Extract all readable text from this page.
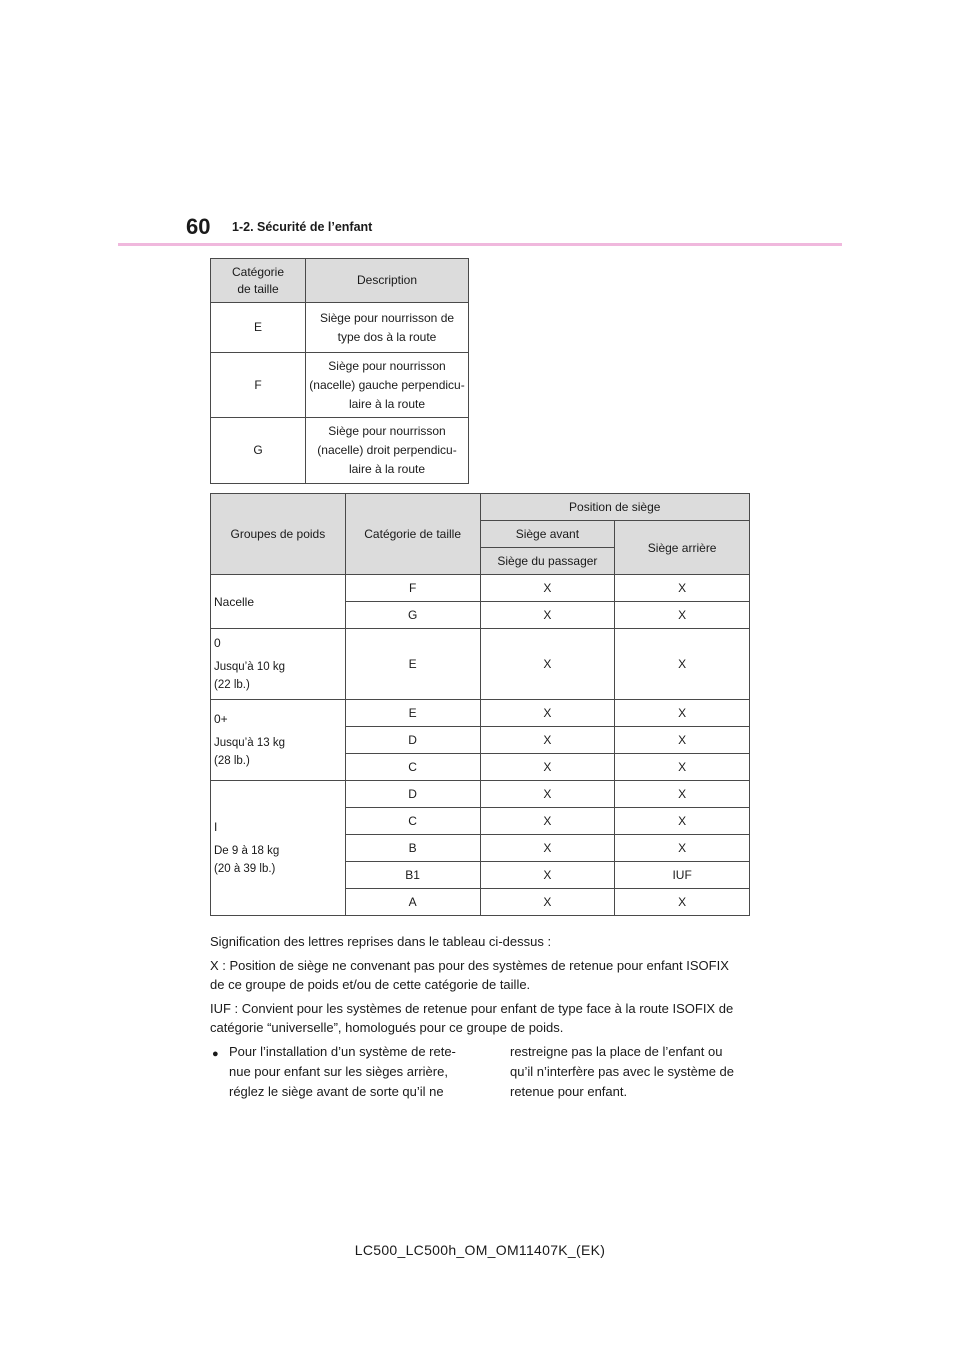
60 1-2. Sécurité de l’enfant
Catégorie de taille	Description
E	Siège pour nourrisson de
type dos à la route

F	Siège pour nourrisson
(nacelle) gauche perpendicu-
laire à la route

G	Siège pour nourrisson
(nacelle) droit perpendicu-
laire à la route
Groupes de poids	Catégorie de taille	Position de siège	
		Siège avant	Siège arrière
		Siège du passager	

Nacelle	F	X	X
	G	X	X

0
Jusqu’à 10 kg
(22 lb.)	E	X	X

0+
Jusqu’à 13 kg
(28 lb.)	E	X	X
	D	X	X
	C	X	X

I
De 9 à 18 kg
(20 à 39 lb.)	D	X	X
	C	X	X
	B	X	X
	B1	X	IUF
	A	X	X
Signification des lettres reprises dans le tableau ci-dessus :
X : Position de siège ne convenant pas pour des systèmes de retenue pour enfant ISOFIX
de ce groupe de poids et/ou de cette catégorie de taille.
IUF : Convient pour les systèmes de retenue pour enfant de type face à la route ISOFIX de
catégorie “universelle”, homologués pour ce groupe de poids.
● Pour l’installation d’un système de rete-
nue pour enfant sur les sièges arrière,
réglez le siège avant de sorte qu’il ne
restreigne pas la place de l’enfant ou
qu’il n’interfère pas avec le système de
retenue pour enfant.
LC500_LC500h_OM_OM11407K_(EK)
